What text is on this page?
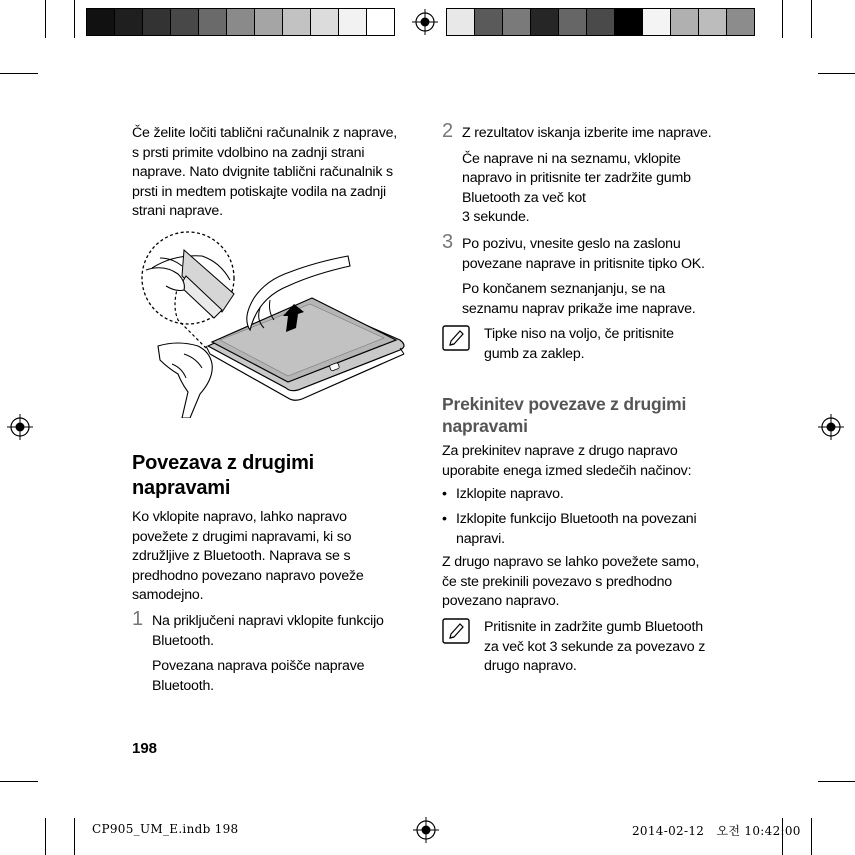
Če želite ločiti tablični računalnik z naprave,
s prsti primite vdolbino na zadnji strani
naprave. Nato dvignite tablični računalnik s
prsti in medtem potiskajte vodila na zadnji
strani naprave.
Povezava z drugimi
napravami
Ko vklopite napravo, lahko napravo
povežete z drugimi napravami, ki so
združljive z Bluetooth. Naprava se s
predhodno povezano napravo poveže
samodejno.
1 Na priključeni napravi vklopite funkcijo
Bluetooth.
Povezana naprava poišče naprave
Bluetooth.
2 Z rezultatov iskanja izberite ime naprave.
Če naprave ni na seznamu, vklopite
napravo in pritisnite ter zadržite gumb
Bluetooth za več kot
3 sekunde.
3 Po pozivu, vnesite geslo na zaslonu
povezane naprave in pritisnite tipko OK.
Po končanem seznanjanju, se na
seznamu naprav prikaže ime naprave.
Tipke niso na voljo, če pritisnite
gumb za zaklep.
Prekinitev povezave z drugimi
napravami
Za prekinitev naprave z drugo napravo
uporabite enega izmed sledečih načinov:
• Izklopite napravo.
• Izklopite funkcijo Bluetooth na povezani
napravi.
Z drugo napravo se lahko povežete samo,
če ste prekinili povezavo s predhodno
povezano napravo.
Pritisnite in zadržite gumb Bluetooth
za več kot 3 sekunde za povezavo z
drugo napravo.
198
CP905_UM_E.indb 198	2014-02-12   오전 10:42:00
